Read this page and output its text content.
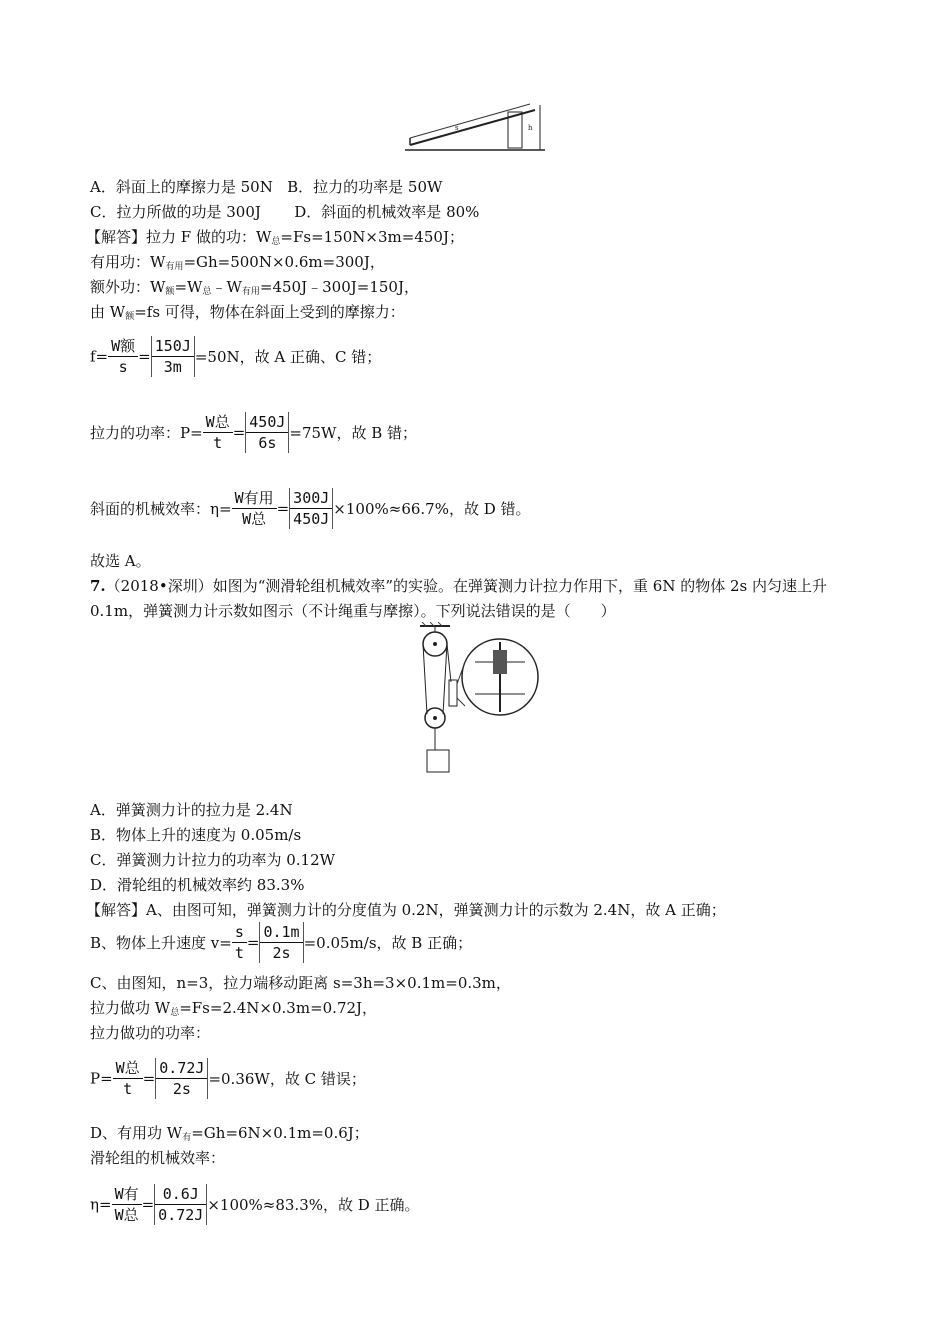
h
s
A．斜面上的摩擦力是 50N B．拉力的功率是 50W
C．拉力所做的功是 300J D．斜面的机械效率是 80%
【解答】拉力 F 做的功：$W_总=Fs=150N\times 3m=450J$；
有用功：$W_{有用}=Gh=500N\times 0.6m=300J$，
额外功：$W_额=W_总﹣W_{有用}=450J﹣300J=150J$，
由 $W_额=fs$ 可得，物体在斜面上受到的摩擦力：
f=
W额
s
= $\frac{150J}{3m} =50N$，故 A 正确、C 错；
拉力的功率：P=
W总
t
= $\frac{450J}{6s} =75W$，故 B 错；
斜面的机械效率：η=
W有用
W总
= $\frac{300J}{450J} \times 100\%\approx 66.7\%$，故 D 错。
故选 A。
7.（2018•深圳）如图为“测滑轮组机械效率”的实验。在弹簧测力计拉力作用下，重 6N 的物体 2s 内匀速上升
0.1m，弹簧测力计示数如图示（不计绳重与摩擦）。下列说法错误的是（　　）
A．弹簧测力计的拉力是 2.4N
B．物体上升的速度为 0.05m/s
C．弹簧测力计拉力的功率为 0.12W
D．滑轮组的机械效率约 83.3%
【解答】A、由图可知，弹簧测力计的分度值为 0.2N，弹簧测力计的示数为 2.4N，故 A 正确；
B、物体上升速度 $v= \frac{s}{t} = \frac{0.1m}{2s} =0.05m/s$，故 B 正确；
C、由图知，n=3，拉力端移动距离 s=3h=3×0.1m=0.3m，
拉力做功 $W_总=Fs=2.4N\times 0.3m=0.72J$，
拉力做功的功率：
P=
W总
t
= $\frac{0.72J}{2s} =0.36W$，故 C 错误；
D、有用功 $W_有=Gh=6N\times 0.1m=0.6J$；
滑轮组的机械效率：
η=
W有
W总
= $\frac{0.6J}{0.72J} \times 100\%\approx 83.3\%$，故 D 正确。
